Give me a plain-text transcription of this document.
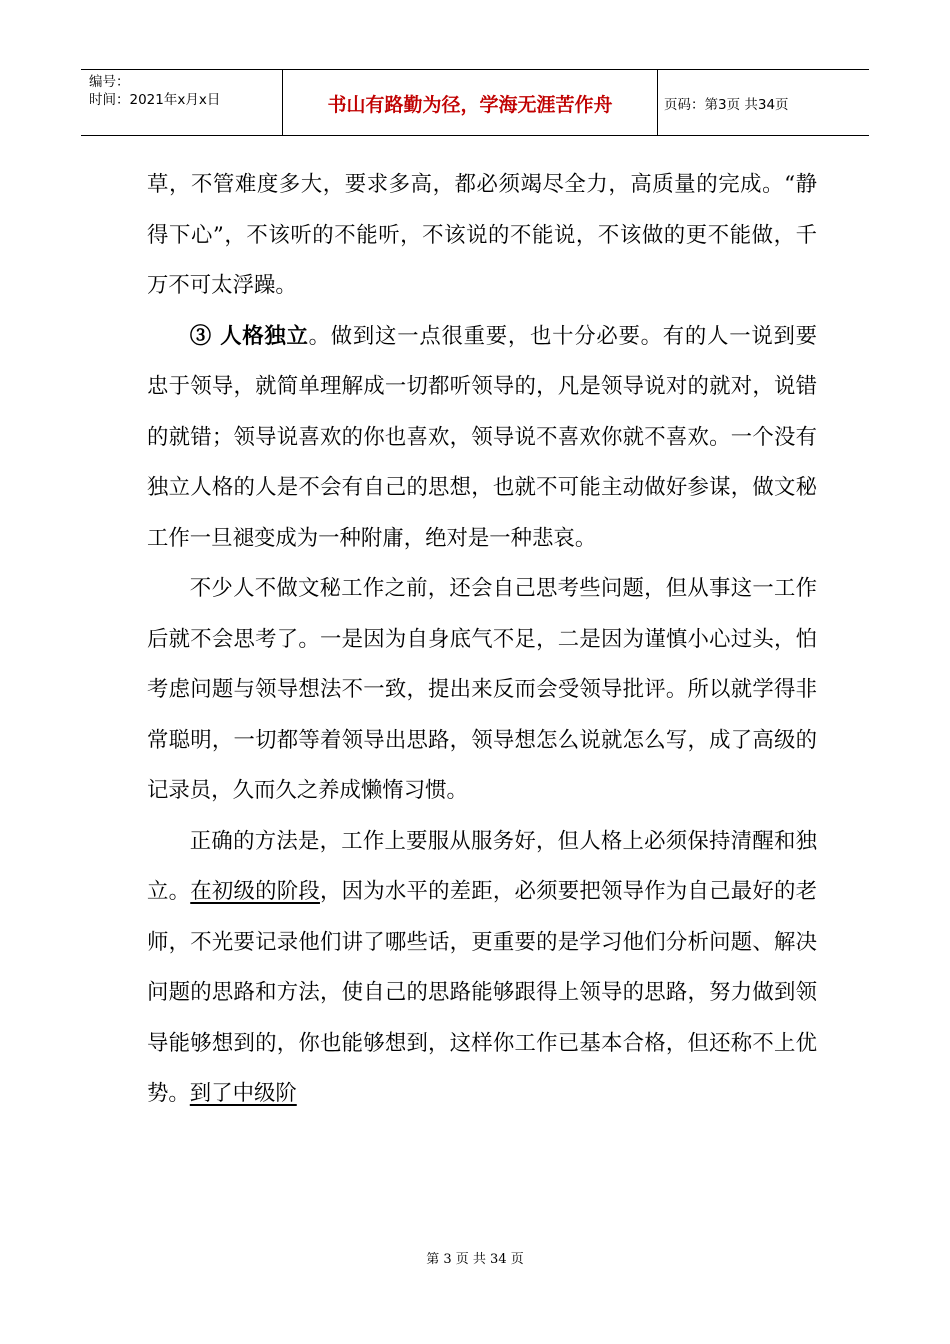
编号：
时间：2021年x月x日	书山有路勤为径，学海无涯苦作舟	页码：第3页 共34页

草，不管难度多大，要求多高，都必须竭尽全力，高质量的完成。“静得下心”，不该听的不能听，不该说的不能说，不该做的更不能做，千万不可太浮躁。

③ 人格独立。做到这一点很重要，也十分必要。有的人一说到要忠于领导，就简单理解成一切都听领导的，凡是领导说对的就对，说错的就错；领导说喜欢的你也喜欢，领导说不喜欢你就不喜欢。一个没有独立人格的人是不会有自己的思想，也就不可能主动做好参谋，做文秘工作一旦褪变成为一种附庸，绝对是一种悲哀。

不少人不做文秘工作之前，还会自己思考些问题，但从事这一工作后就不会思考了。一是因为自身底气不足，二是因为谨慎小心过头，怕考虑问题与领导想法不一致，提出来反而会受领导批评。所以就学得非常聪明，一切都等着领导出思路，领导想怎么说就怎么写，成了高级的记录员，久而久之养成懒惰习惯。

正确的方法是，工作上要服从服务好，但人格上必须保持清醒和独立。在初级的阶段，因为水平的差距，必须要把领导作为自己最好的老师，不光要记录他们讲了哪些话，更重要的是学习他们分析问题、解决问题的思路和方法，使自己的思路能够跟得上领导的思路，努力做到领导能够想到的，你也能够想到，这样你工作已基本合格，但还称不上优势。到了中级阶

第 3 页 共 34 页
